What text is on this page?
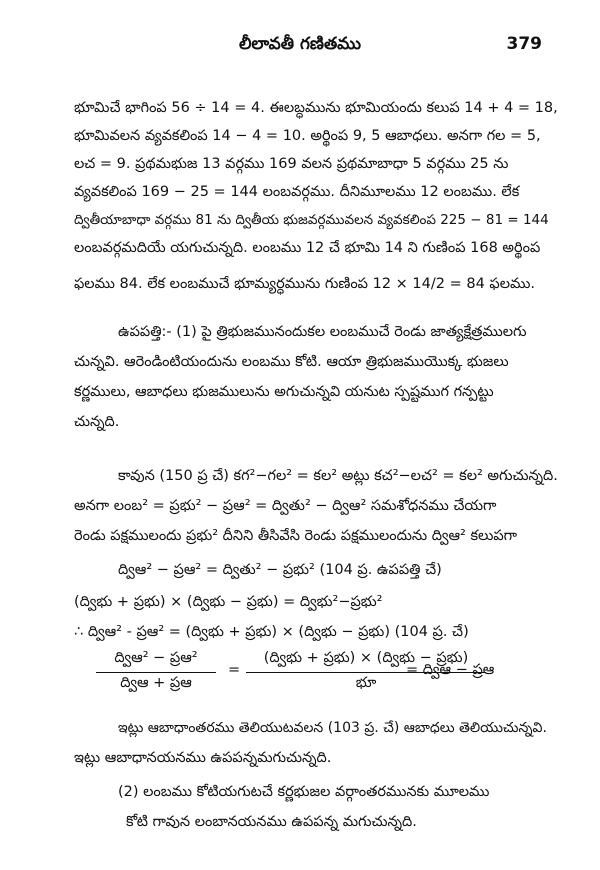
లీలావతీ గణితము	379
భూమిచే భాగింప 56 ÷ 14 = 4. ఈలబ్ధమును భూమియందు కలుప 14 + 4 = 18,
భూమివలన వ్యవకలింప 14 − 4 = 10. అర్థింప 9, 5 ఆబాధలు. అనగా గల = 5,
లచ = 9. ప్రథమభుజ 13 వర్గము 169 వలన ప్రథమాబాధా 5 వర్గము 25 ను
వ్యవకలింప 169 − 25 = 144 లంబవర్గము. దీనిమూలము 12 లంబము. లేక
ద్వితీయాబాధా వర్గము 81 ను ద్వితీయ భుజవర్గమువలన వ్యవకలింప 225 − 81 = 144
లంబవర్గమదియే యగుచున్నది. లంబము 12 చే భూమి 14 ని గుణింప 168 అర్థింప
ఫలము 84. లేక లంబముచే భూమ్యర్ధమును గుణింప 12 × 14/2 = 84 ఫలము.
ఉపపత్తి:- (1) పై త్రిభుజమునందుకల లంబముచే రెండు జాత్యక్షేత్రములగు
చున్నవి. ఆరెండింటియందును లంబము కోటి. ఆయా త్రిభుజముయొక్క భుజలు
కర్ణములు, ఆబాధలు భుజములును అగుచున్నవి యనుట స్పష్టముగ గన్పట్టు
చున్నది.
కావున (150 ప్ర చే) కగ²−గల² = కల² అట్లు కచ²−లచ² = కల² అగుచున్నది.
అనగా లంబ² = ప్రభు² − ప్రఆ² = ద్వితు² − ద్వి‌ఆ² సమశోధనము చేయగా
రెండు పక్షములందు ప్రభు² దీనిని తీసివేసి రెండు పక్షములందును ద్వి‌ఆ² కలుపగా
ద్వి‌ఆ² − ప్రఆ² = ద్వితు² − ప్రభు² (104 ప్ర. ఉపపత్తి చే)
(ద్విభు + ప్రభు) × (ద్విభు − ప్రభు) = ద్విభు²−ప్రభు²
∴ ద్వి‌ఆ² - ప్రఆ² = (ద్విభు + ప్రభు) × (ద్విభు − ప్రభు) (104 ప్ర. చే)
ద్వి‌ఆ² − ప్రఆ²
ద్వి‌ఆ + ప్రఆ
=
(ద్విభు + ప్రభు) × (ద్విభు − ప్రభు)
భూ
= ద్వి‌ఆ − ప్రఆ
ఇట్లు ఆబాధాంతరము తెలియుటవలన (103 ప్ర. చే) ఆబాధలు తెలియుచున్నవి.
ఇట్లు ఆబాధానయనము ఉపపన్నమగుచున్నది.
(2) లంబము కోటియగుటచే కర్ణభుజల వర్గాంతరమునకు మూలము
కోటి గావున లంబానయనము ఉపపన్న మగుచున్నది.
